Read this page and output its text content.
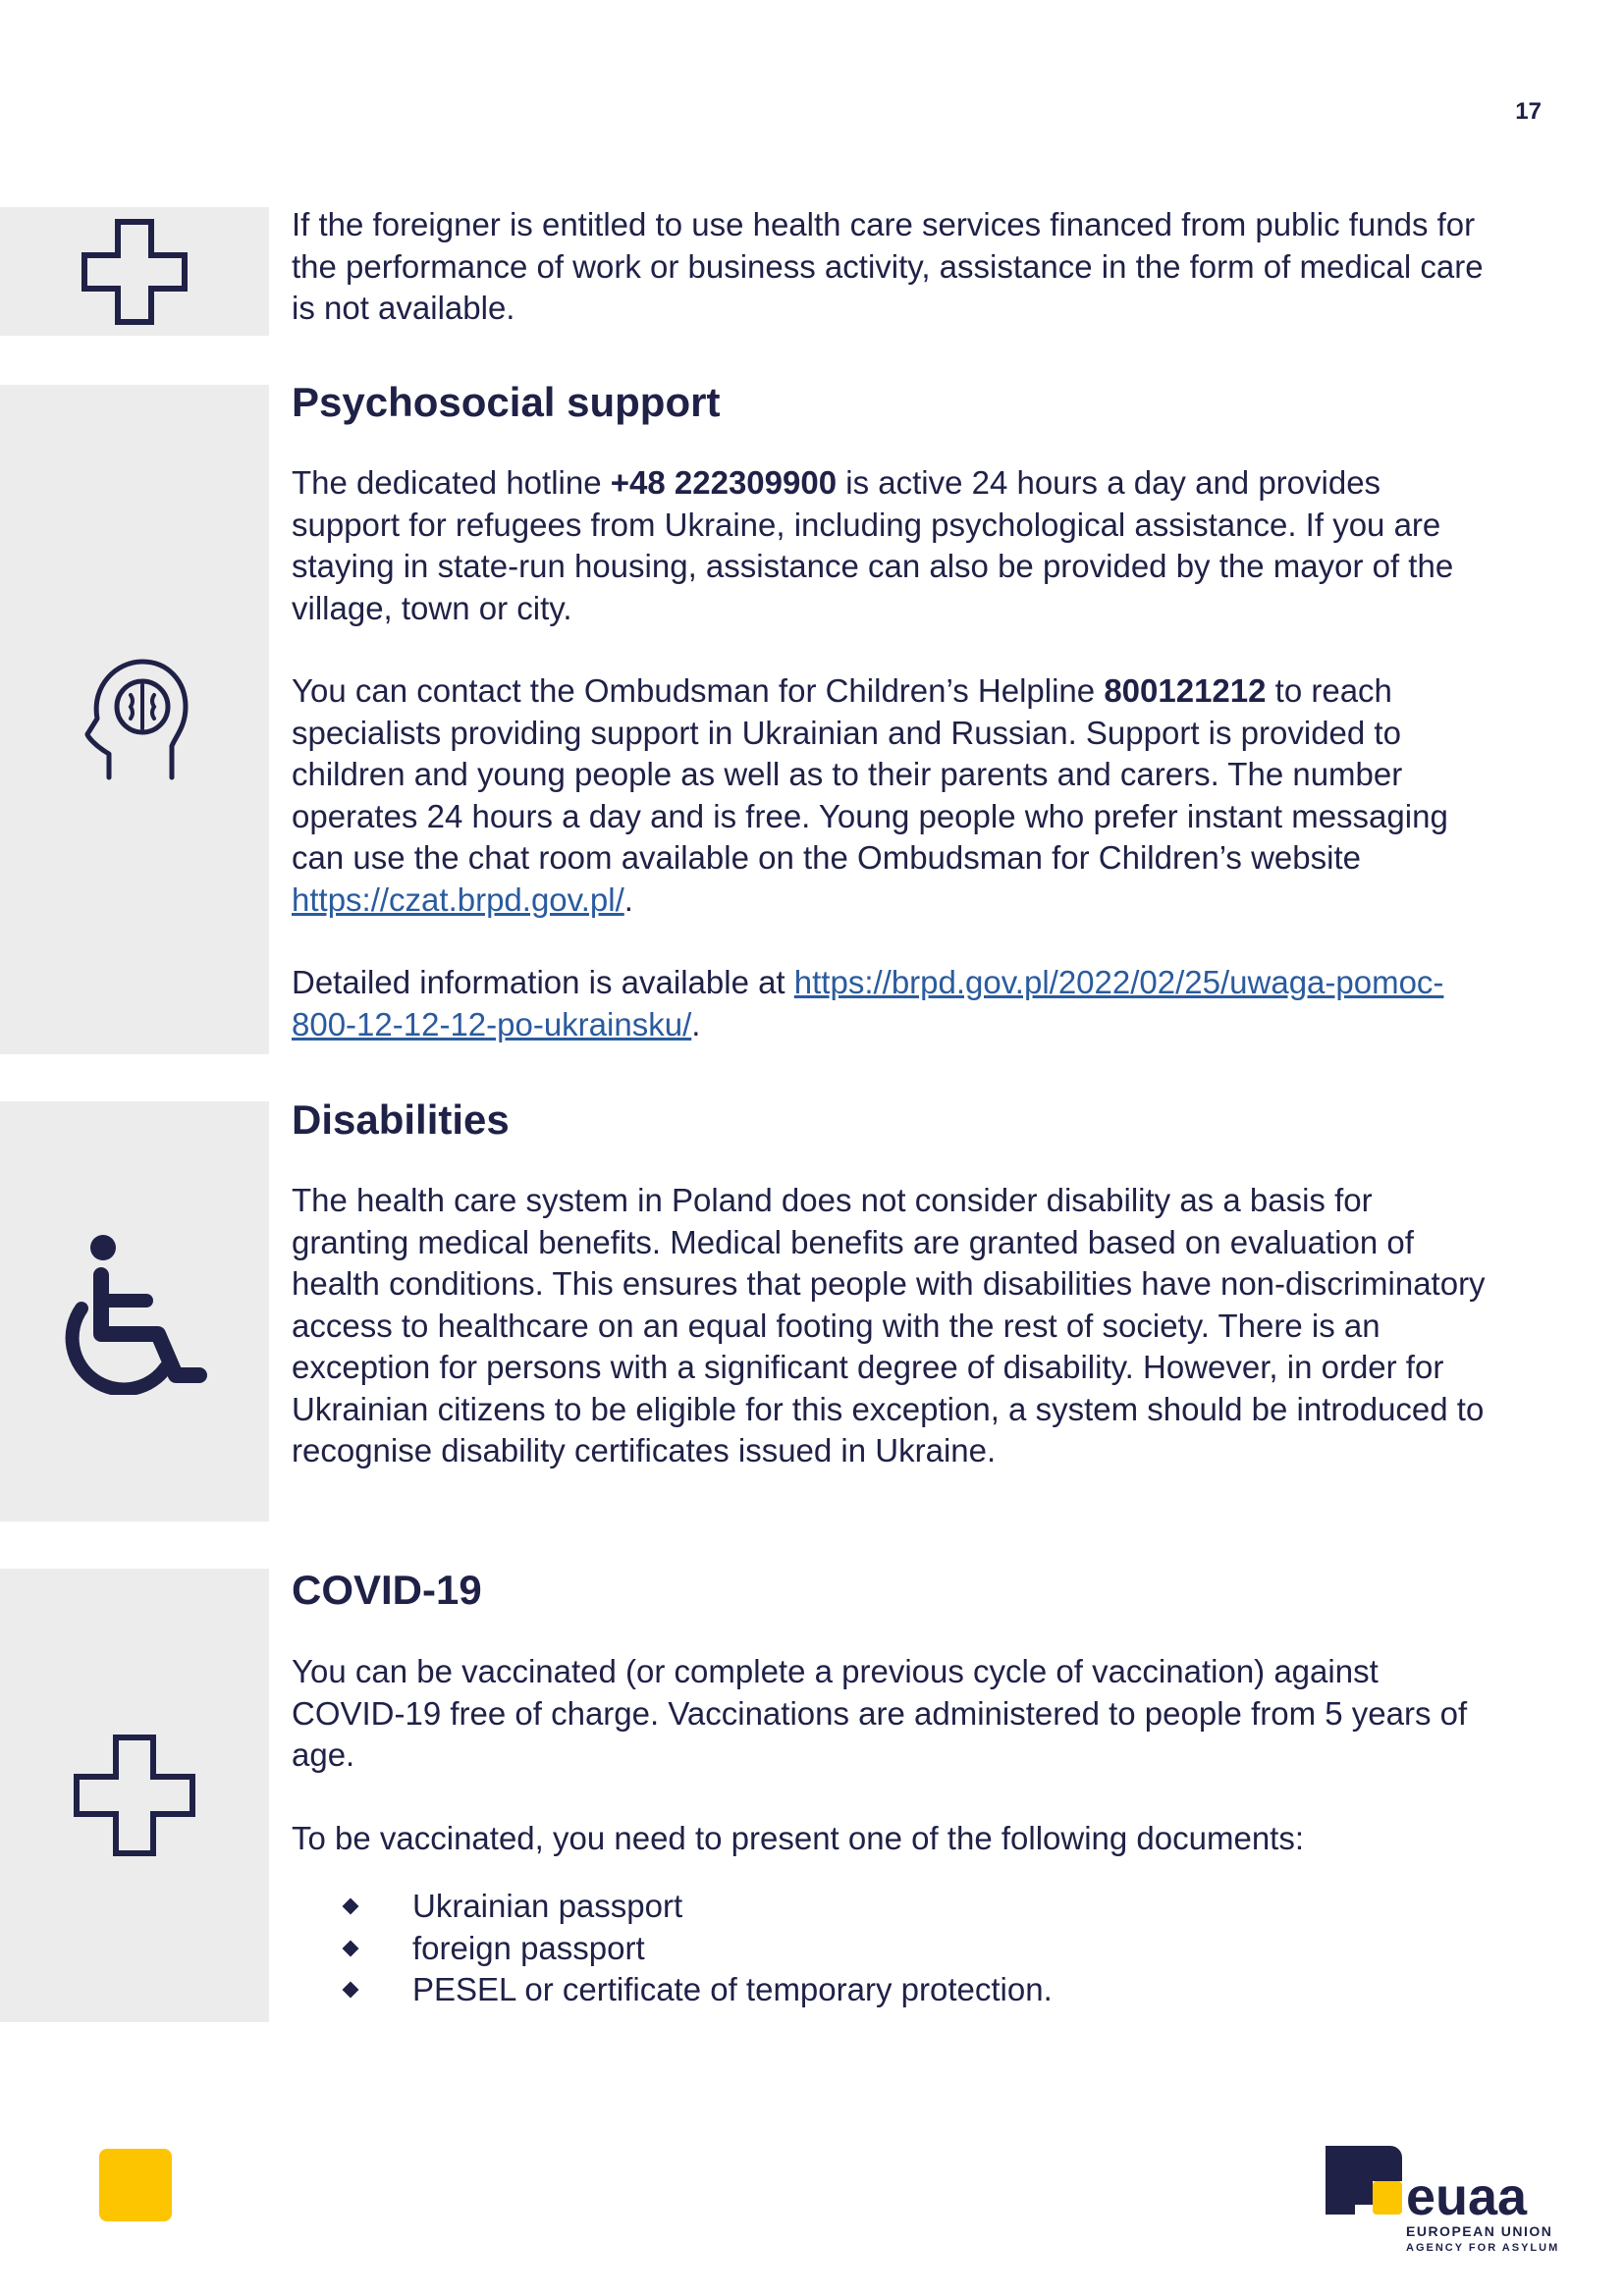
17

If the foreigner is entitled to use health care services financed from public funds for the performance of work or business activity, assistance in the form of medical care is not available.

Psychosocial support

The dedicated hotline +48 222309900 is active 24 hours a day and provides support for refugees from Ukraine, including psychological assistance. If you are staying in state-run housing, assistance can also be provided by the mayor of the village, town or city.

You can contact the Ombudsman for Children’s Helpline 800121212 to reach specialists providing support in Ukrainian and Russian. Support is provided to children and young people as well as to their parents and carers. The number operates 24 hours a day and is free. Young people who prefer instant messaging can use the chat room available on the Ombudsman for Children’s website https://czat.brpd.gov.pl/.

Detailed information is available at https://brpd.gov.pl/2022/02/25/uwaga-pomoc-800-12-12-12-po-ukrainsku/.

Disabilities

The health care system in Poland does not consider disability as a basis for granting medical benefits. Medical benefits are granted based on evaluation of health conditions. This ensures that people with disabilities have non-discriminatory access to healthcare on an equal footing with the rest of society. There is an exception for persons with a significant degree of disability. However, in order for Ukrainian citizens to be eligible for this exception, a system should be introduced to recognise disability certificates issued in Ukraine.

COVID-19

You can be vaccinated (or complete a previous cycle of vaccination) against COVID-19 free of charge. Vaccinations are administered to people from 5 years of age.

To be vaccinated, you need to present one of the following documents:

Ukrainian passport
foreign passport
PESEL or certificate of temporary protection.
euaa
EUROPEAN UNION
AGENCY FOR ASYLUM
